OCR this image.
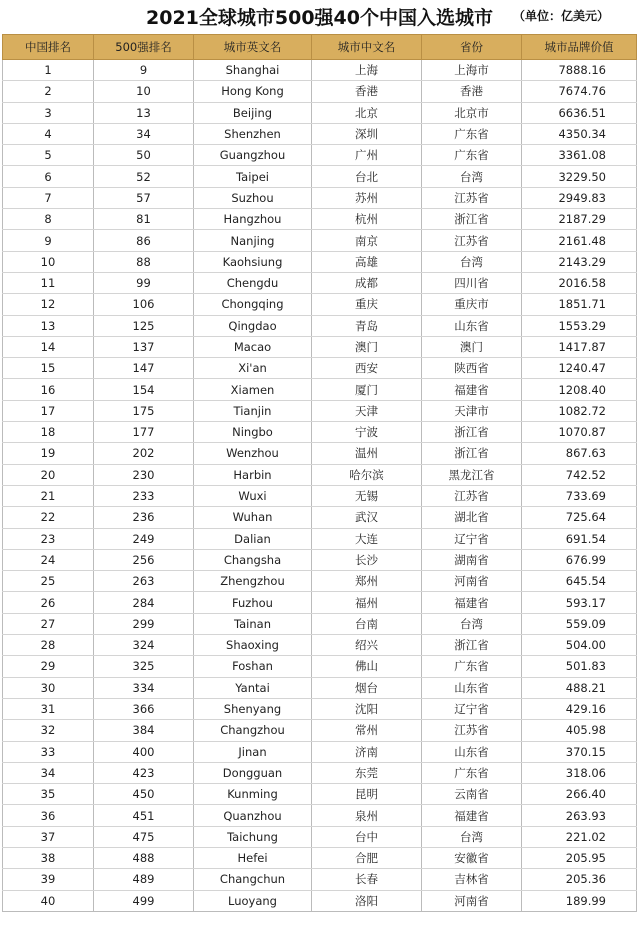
2021全球城市500强40个中国入选城市	（单位：亿美元）
中国排名	500强排名	城市英文名	城市中文名	省份	城市品牌价值
1	9	Shanghai	上海	上海市	7888.16
2	10	Hong Kong	香港	香港	7674.76
3	13	Beijing	北京	北京市	6636.51
4	34	Shenzhen	深圳	广东省	4350.34
5	50	Guangzhou	广州	广东省	3361.08
6	52	Taipei	台北	台湾	3229.50
7	57	Suzhou	苏州	江苏省	2949.83
8	81	Hangzhou	杭州	浙江省	2187.29
9	86	Nanjing	南京	江苏省	2161.48
10	88	Kaohsiung	高雄	台湾	2143.29
11	99	Chengdu	成都	四川省	2016.58
12	106	Chongqing	重庆	重庆市	1851.71
13	125	Qingdao	青岛	山东省	1553.29
14	137	Macao	澳门	澳门	1417.87
15	147	Xi'an	西安	陕西省	1240.47
16	154	Xiamen	厦门	福建省	1208.40
17	175	Tianjin	天津	天津市	1082.72
18	177	Ningbo	宁波	浙江省	1070.87
19	202	Wenzhou	温州	浙江省	867.63
20	230	Harbin	哈尔滨	黑龙江省	742.52
21	233	Wuxi	无锡	江苏省	733.69
22	236	Wuhan	武汉	湖北省	725.64
23	249	Dalian	大连	辽宁省	691.54
24	256	Changsha	长沙	湖南省	676.99
25	263	Zhengzhou	郑州	河南省	645.54
26	284	Fuzhou	福州	福建省	593.17
27	299	Tainan	台南	台湾	559.09
28	324	Shaoxing	绍兴	浙江省	504.00
29	325	Foshan	佛山	广东省	501.83
30	334	Yantai	烟台	山东省	488.21
31	366	Shenyang	沈阳	辽宁省	429.16
32	384	Changzhou	常州	江苏省	405.98
33	400	Jinan	济南	山东省	370.15
34	423	Dongguan	东莞	广东省	318.06
35	450	Kunming	昆明	云南省	266.40
36	451	Quanzhou	泉州	福建省	263.93
37	475	Taichung	台中	台湾	221.02
38	488	Hefei	合肥	安徽省	205.95
39	489	Changchun	长春	吉林省	205.36
40	499	Luoyang	洛阳	河南省	189.99
